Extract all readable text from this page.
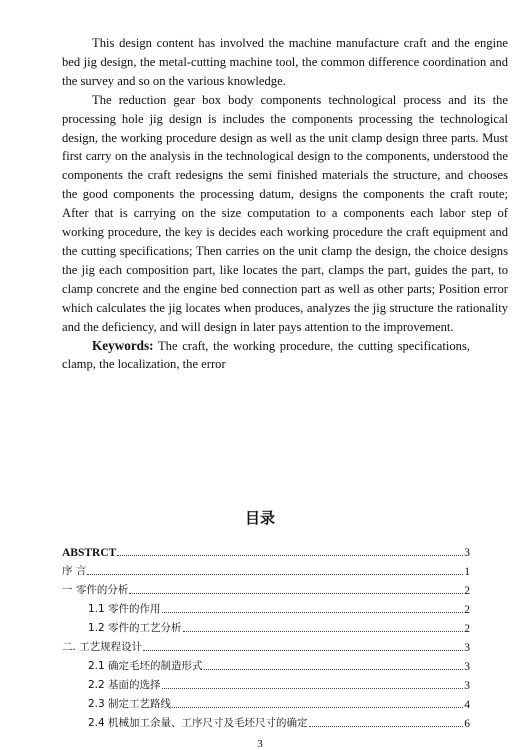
This design content has involved the machine manufacture craft and the engine bed jig design, the metal-cutting machine tool, the common difference coordination and the survey and so on the various knowledge.

The reduction gear box body components technological process and its the processing hole jig design is includes the components processing the technological design, the working procedure design as well as the unit clamp design three parts. Must first carry on the analysis in the technological design to the components, understood the components the craft redesigns the semi finished materials the structure, and chooses the good components the processing datum, designs the components the craft route; After that is carrying on the size computation to a components each labor step of working procedure, the key is decides each working procedure the craft equipment and the cutting specifications; Then carries on the unit clamp the design, the choice designs the jig each composition part, like locates the part, clamps the part, guides the part, to clamp concrete and the engine bed connection part as well as other parts; Position error which calculates the jig locates when produces, analyzes the jig structure the rationality and the deficiency, and will design in later pays attention to the improvement.

Keywords: The craft, the working procedure, the cutting specifications, clamp, the localization, the error

目录
ABSTRCT	3
序 言	1
一 零件的分析	2
1.1 零件的作用	2
1.2 零件的工艺分析	2
二. 工艺规程设计	3
2.1 确定毛坯的制造形式	3
2.2 基面的选择	3
2.3 制定工艺路线	4
2.4 机械加工余量、工序尺寸及毛坯尺寸的确定	6
3
